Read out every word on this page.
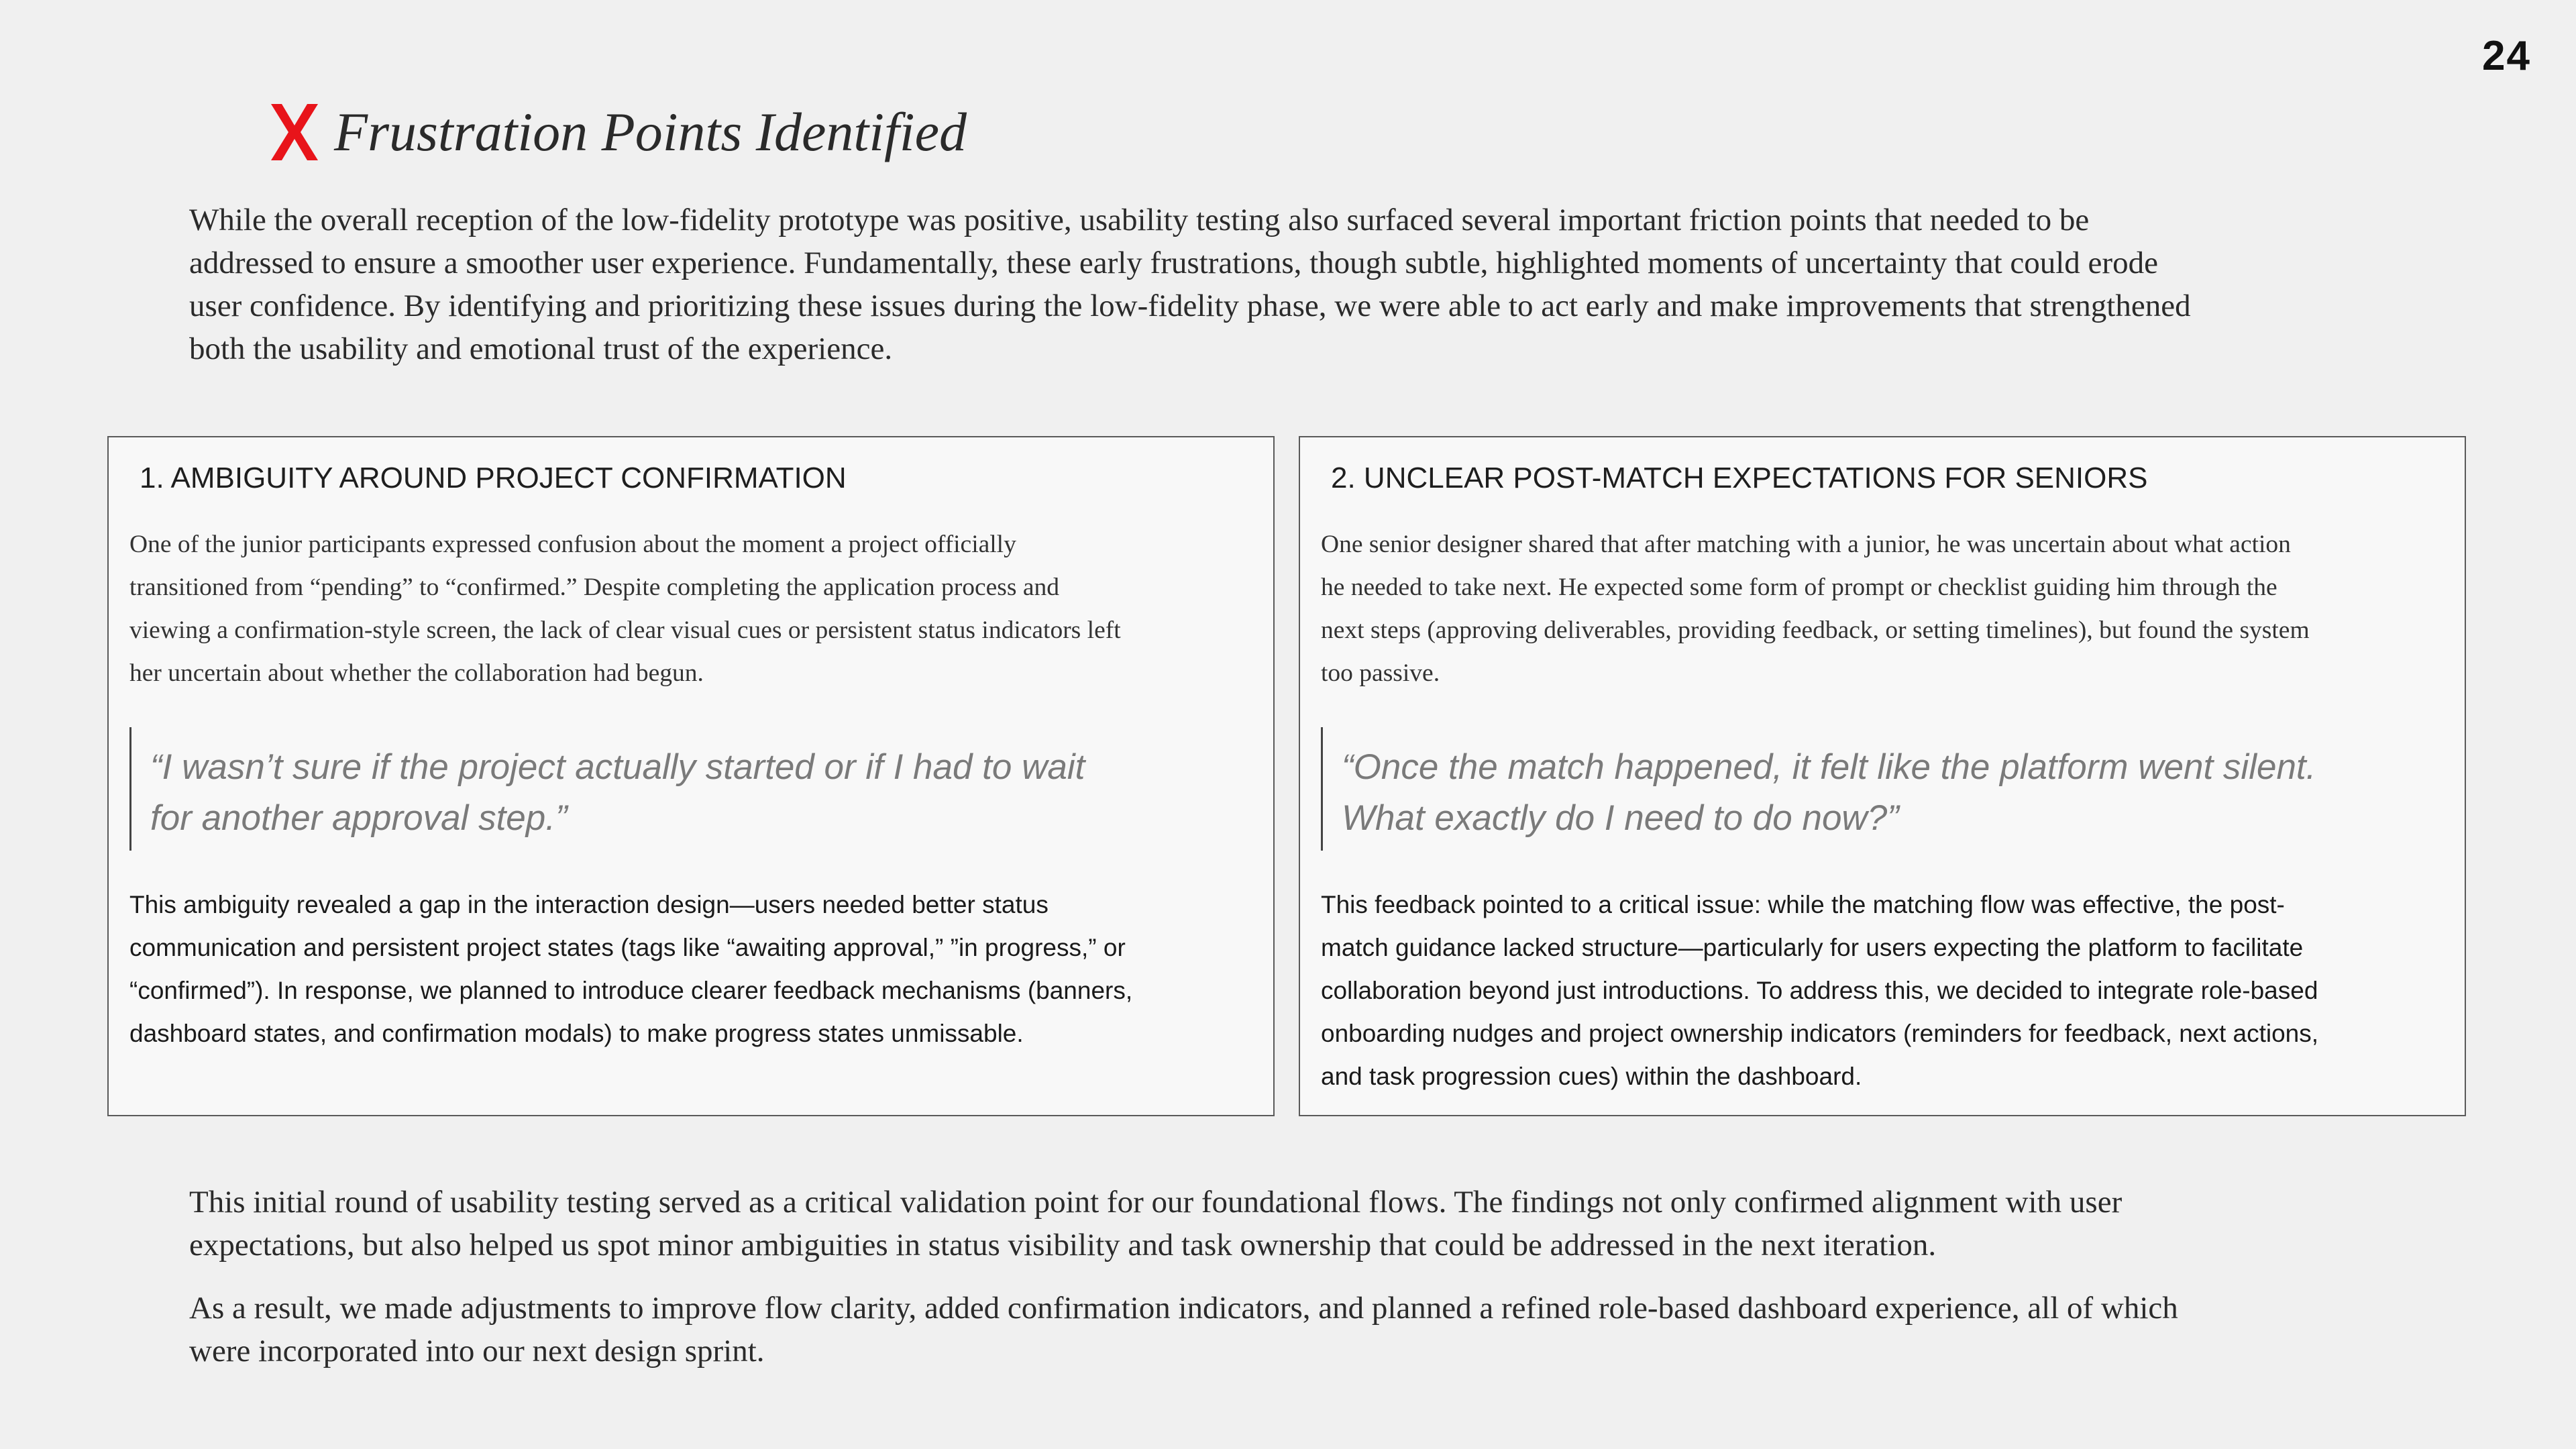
24
Frustration Points Identified
While the overall reception of the low-fidelity prototype was positive, usability testing also surfaced several important friction points that needed to be
addressed to ensure a smoother user experience. Fundamentally, these early frustrations, though subtle, highlighted moments of uncertainty that could erode
user confidence. By identifying and prioritizing these issues during the low-fidelity phase, we were able to act early and make improvements that strengthened
both the usability and emotional trust of the experience.
1. AMBIGUITY AROUND PROJECT CONFIRMATION
One of the junior participants expressed confusion about the moment a project officially
transitioned from “pending” to “confirmed.” Despite completing the application process and
viewing a confirmation-style screen, the lack of clear visual cues or persistent status indicators left
her uncertain about whether the collaboration had begun.
“I wasn’t sure if the project actually started or if I had to wait
for another approval step.”
This ambiguity revealed a gap in the interaction design—users needed better status
communication and persistent project states (tags like “awaiting approval,” ”in progress,” or
“confirmed”). In response, we planned to introduce clearer feedback mechanisms (banners,
dashboard states, and confirmation modals) to make progress states unmissable.
2. UNCLEAR POST-MATCH EXPECTATIONS FOR SENIORS
One senior designer shared that after matching with a junior, he was uncertain about what action
he needed to take next. He expected some form of prompt or checklist guiding him through the
next steps (approving deliverables, providing feedback, or setting timelines), but found the system
too passive.
“Once the match happened, it felt like the platform went silent.
What exactly do I need to do now?”
This feedback pointed to a critical issue: while the matching flow was effective, the post-
match guidance lacked structure—particularly for users expecting the platform to facilitate
collaboration beyond just introductions. To address this, we decided to integrate role-based
onboarding nudges and project ownership indicators (reminders for feedback, next actions,
and task progression cues) within the dashboard.
This initial round of usability testing served as a critical validation point for our foundational flows. The findings not only confirmed alignment with user
expectations, but also helped us spot minor ambiguities in status visibility and task ownership that could be addressed in the next iteration.
As a result, we made adjustments to improve flow clarity, added confirmation indicators, and planned a refined role-based dashboard experience, all of which
were incorporated into our next design sprint.
